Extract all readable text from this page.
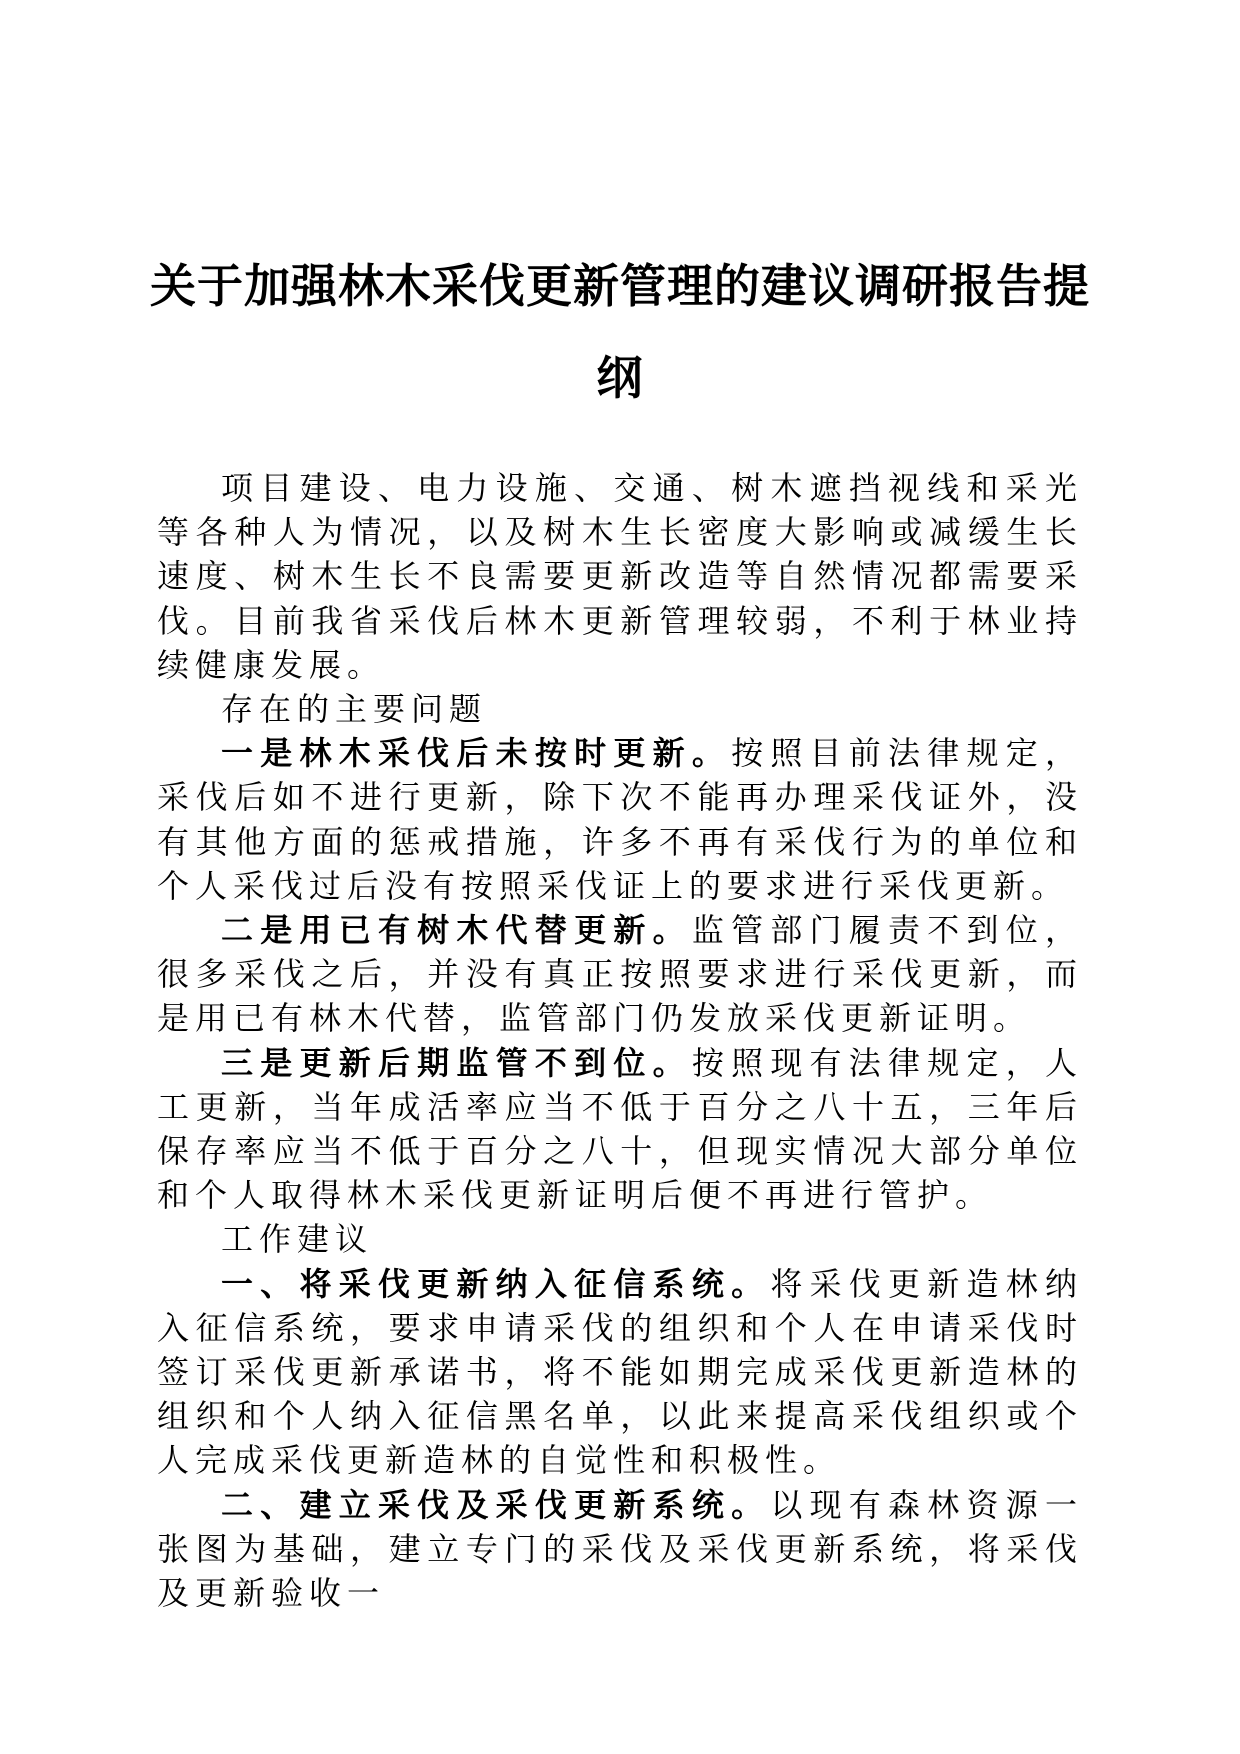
关于加强林木采伐更新管理的建议调研报告提纲

项目建设、电力设施、交通、树木遮挡视线和采光等各种人为情况，以及树木生长密度大影响或减缓生长速度、树木生长不良需要更新改造等自然情况都需要采伐。目前我省采伐后林木更新管理较弱，不利于林业持续健康发展。

存在的主要问题

一是林木采伐后未按时更新。按照目前法律规定，采伐后如不进行更新，除下次不能再办理采伐证外，没有其他方面的惩戒措施，许多不再有采伐行为的单位和个人采伐过后没有按照采伐证上的要求进行采伐更新。

二是用已有树木代替更新。监管部门履责不到位，很多采伐之后，并没有真正按照要求进行采伐更新，而是用已有林木代替，监管部门仍发放采伐更新证明。

三是更新后期监管不到位。按照现有法律规定，人工更新，当年成活率应当不低于百分之八十五，三年后保存率应当不低于百分之八十，但现实情况大部分单位和个人取得林木采伐更新证明后便不再进行管护。

工作建议

一、将采伐更新纳入征信系统。将采伐更新造林纳入征信系统，要求申请采伐的组织和个人在申请采伐时签订采伐更新承诺书，将不能如期完成采伐更新造林的组织和个人纳入征信黑名单，以此来提高采伐组织或个人完成采伐更新造林的自觉性和积极性。

二、建立采伐及采伐更新系统。以现有森林资源一张图为基础，建立专门的采伐及采伐更新系统，将采伐及更新验收一
